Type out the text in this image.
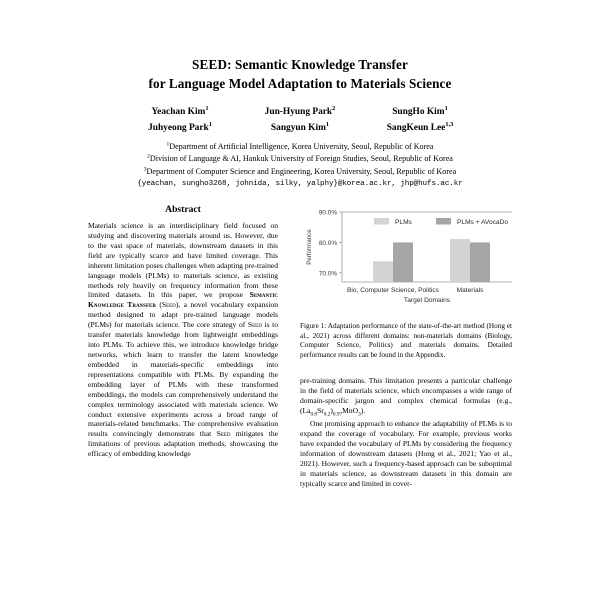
SEED: Semantic Knowledge Transfer
for Language Model Adaptation to Materials Science
Yeachan Kim$^1$	Jun-Hyung Park$^2$	SungHo Kim$^1$
Juhyeong Park$^1$	Sangyun Kim$^1$	SangKeun Lee$^{1,3}$
$^1$Department of Artificial Intelligence, Korea University, Seoul, Republic of Korea
$^2$Division of Language & AI, Hankuk University of Foreign Studies, Seoul, Republic of Korea
$^3$Department of Computer Science and Engineering, Korea University, Seoul, Republic of Korea
{yeachan, sungho3268, johnida, silky, yalphy}@korea.ac.kr, jhp@hufs.ac.kr
Abstract

Materials science is an interdisciplinary field focused on studying and discovering materials around us. However, due to the vast space of materials, downstream datasets in this field are typically scarce and have limited coverage. This inherent limitation poses challenges when adapting pre-trained language models (PLMs) to materials science, as existing methods rely heavily on frequency information from these limited datasets. In this paper, we propose Semantic Knowledge Transfer (Seed), a novel vocabulary expansion method designed to adapt pre-trained language models (PLMs) for materials science. The core strategy of Seed is to transfer materials knowledge from lightweight embeddings into PLMs. To achieve this, we introduce knowledge bridge networks, which learn to transfer the latent knowledge embedded in materials-specific embeddings into representations compatible with PLMs. By expanding the embedding layer of PLMs with these transformed embeddings, the models can comprehensively understand the complex terminology associated with materials science. We conduct extensive experiments across a broad range of materials-related benchmarks. The comprehensive evaluation results convincingly demonstrate that Seed mitigates the limitations of previous adaptation methods, showcasing the efficacy of embedding knowledge

90.0%
80.0%
70.0%
Performance
PLMs	PLMs + AVocaDo
Bio, Computer Science, Politics	Materials
Target Domains
Figure 1: Adaptation performance of the state-of-the-art method (Hong et al., 2021) across different domains: non-materials domains (Biology, Computer Science, Politics) and materials domains. Detailed performance results can be found in the Appendix.

pre-training domains. This limitation presents a particular challenge in the field of materials science, which encompasses a wide range of domain-specific jargon and complex chemical formulas (e.g., $(La_{0.8}Sr_{0.2})_{0.97}MnO_3$).

One promising approach to enhance the adaptability of PLMs is to expand the coverage of vocabulary. For example, previous works have expanded the vocabulary of PLMs by considering the frequency information of downstream datasets (Hong et al., 2021; Yao et al., 2021). However, such a frequency-based approach can be suboptimal in materials science, as downstream datasets in this domain are typically scarce and limited in cover-
